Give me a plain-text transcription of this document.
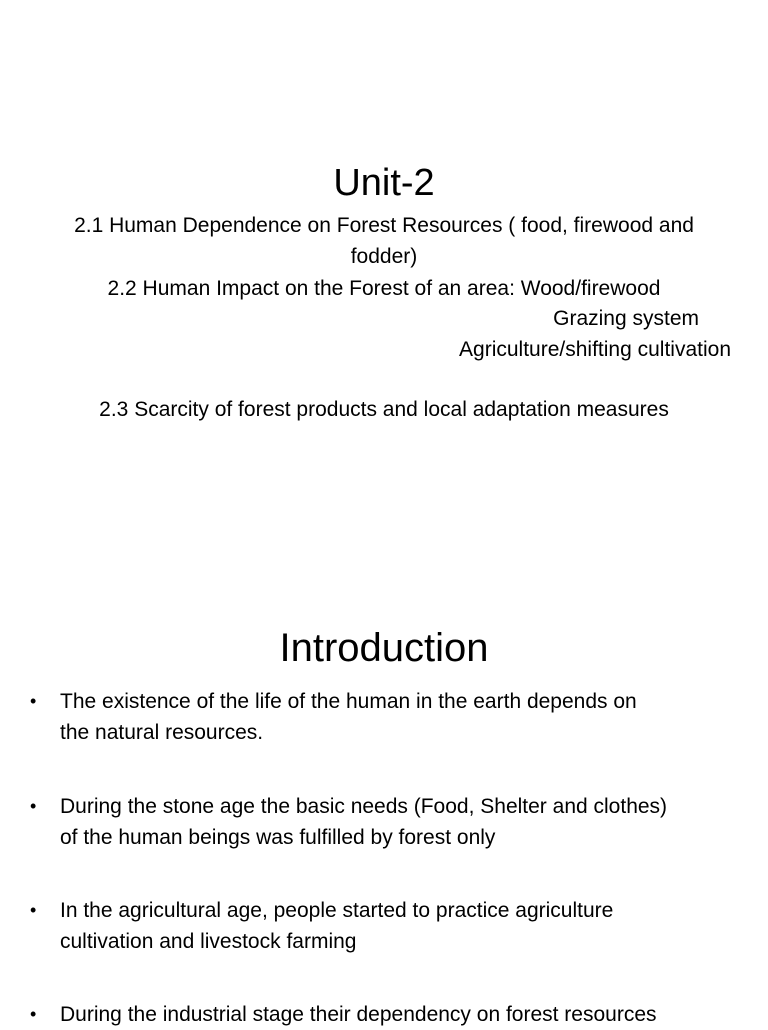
Unit-2
2.1 Human Dependence on Forest Resources ( food, firewood and
fodder)
2.2 Human Impact on the Forest of an area: Wood/firewood
Grazing system
Agriculture/shifting cultivation
2.3 Scarcity of forest products and local adaptation measures
Introduction
• The existence of the life of the human in the earth depends on
the natural resources.
• During the stone age the basic needs (Food, Shelter and clothes)
of the human beings was fulfilled by forest only
• In the agricultural age, people started to practice agriculture
cultivation and livestock farming
• During the industrial stage their dependency on forest resources
